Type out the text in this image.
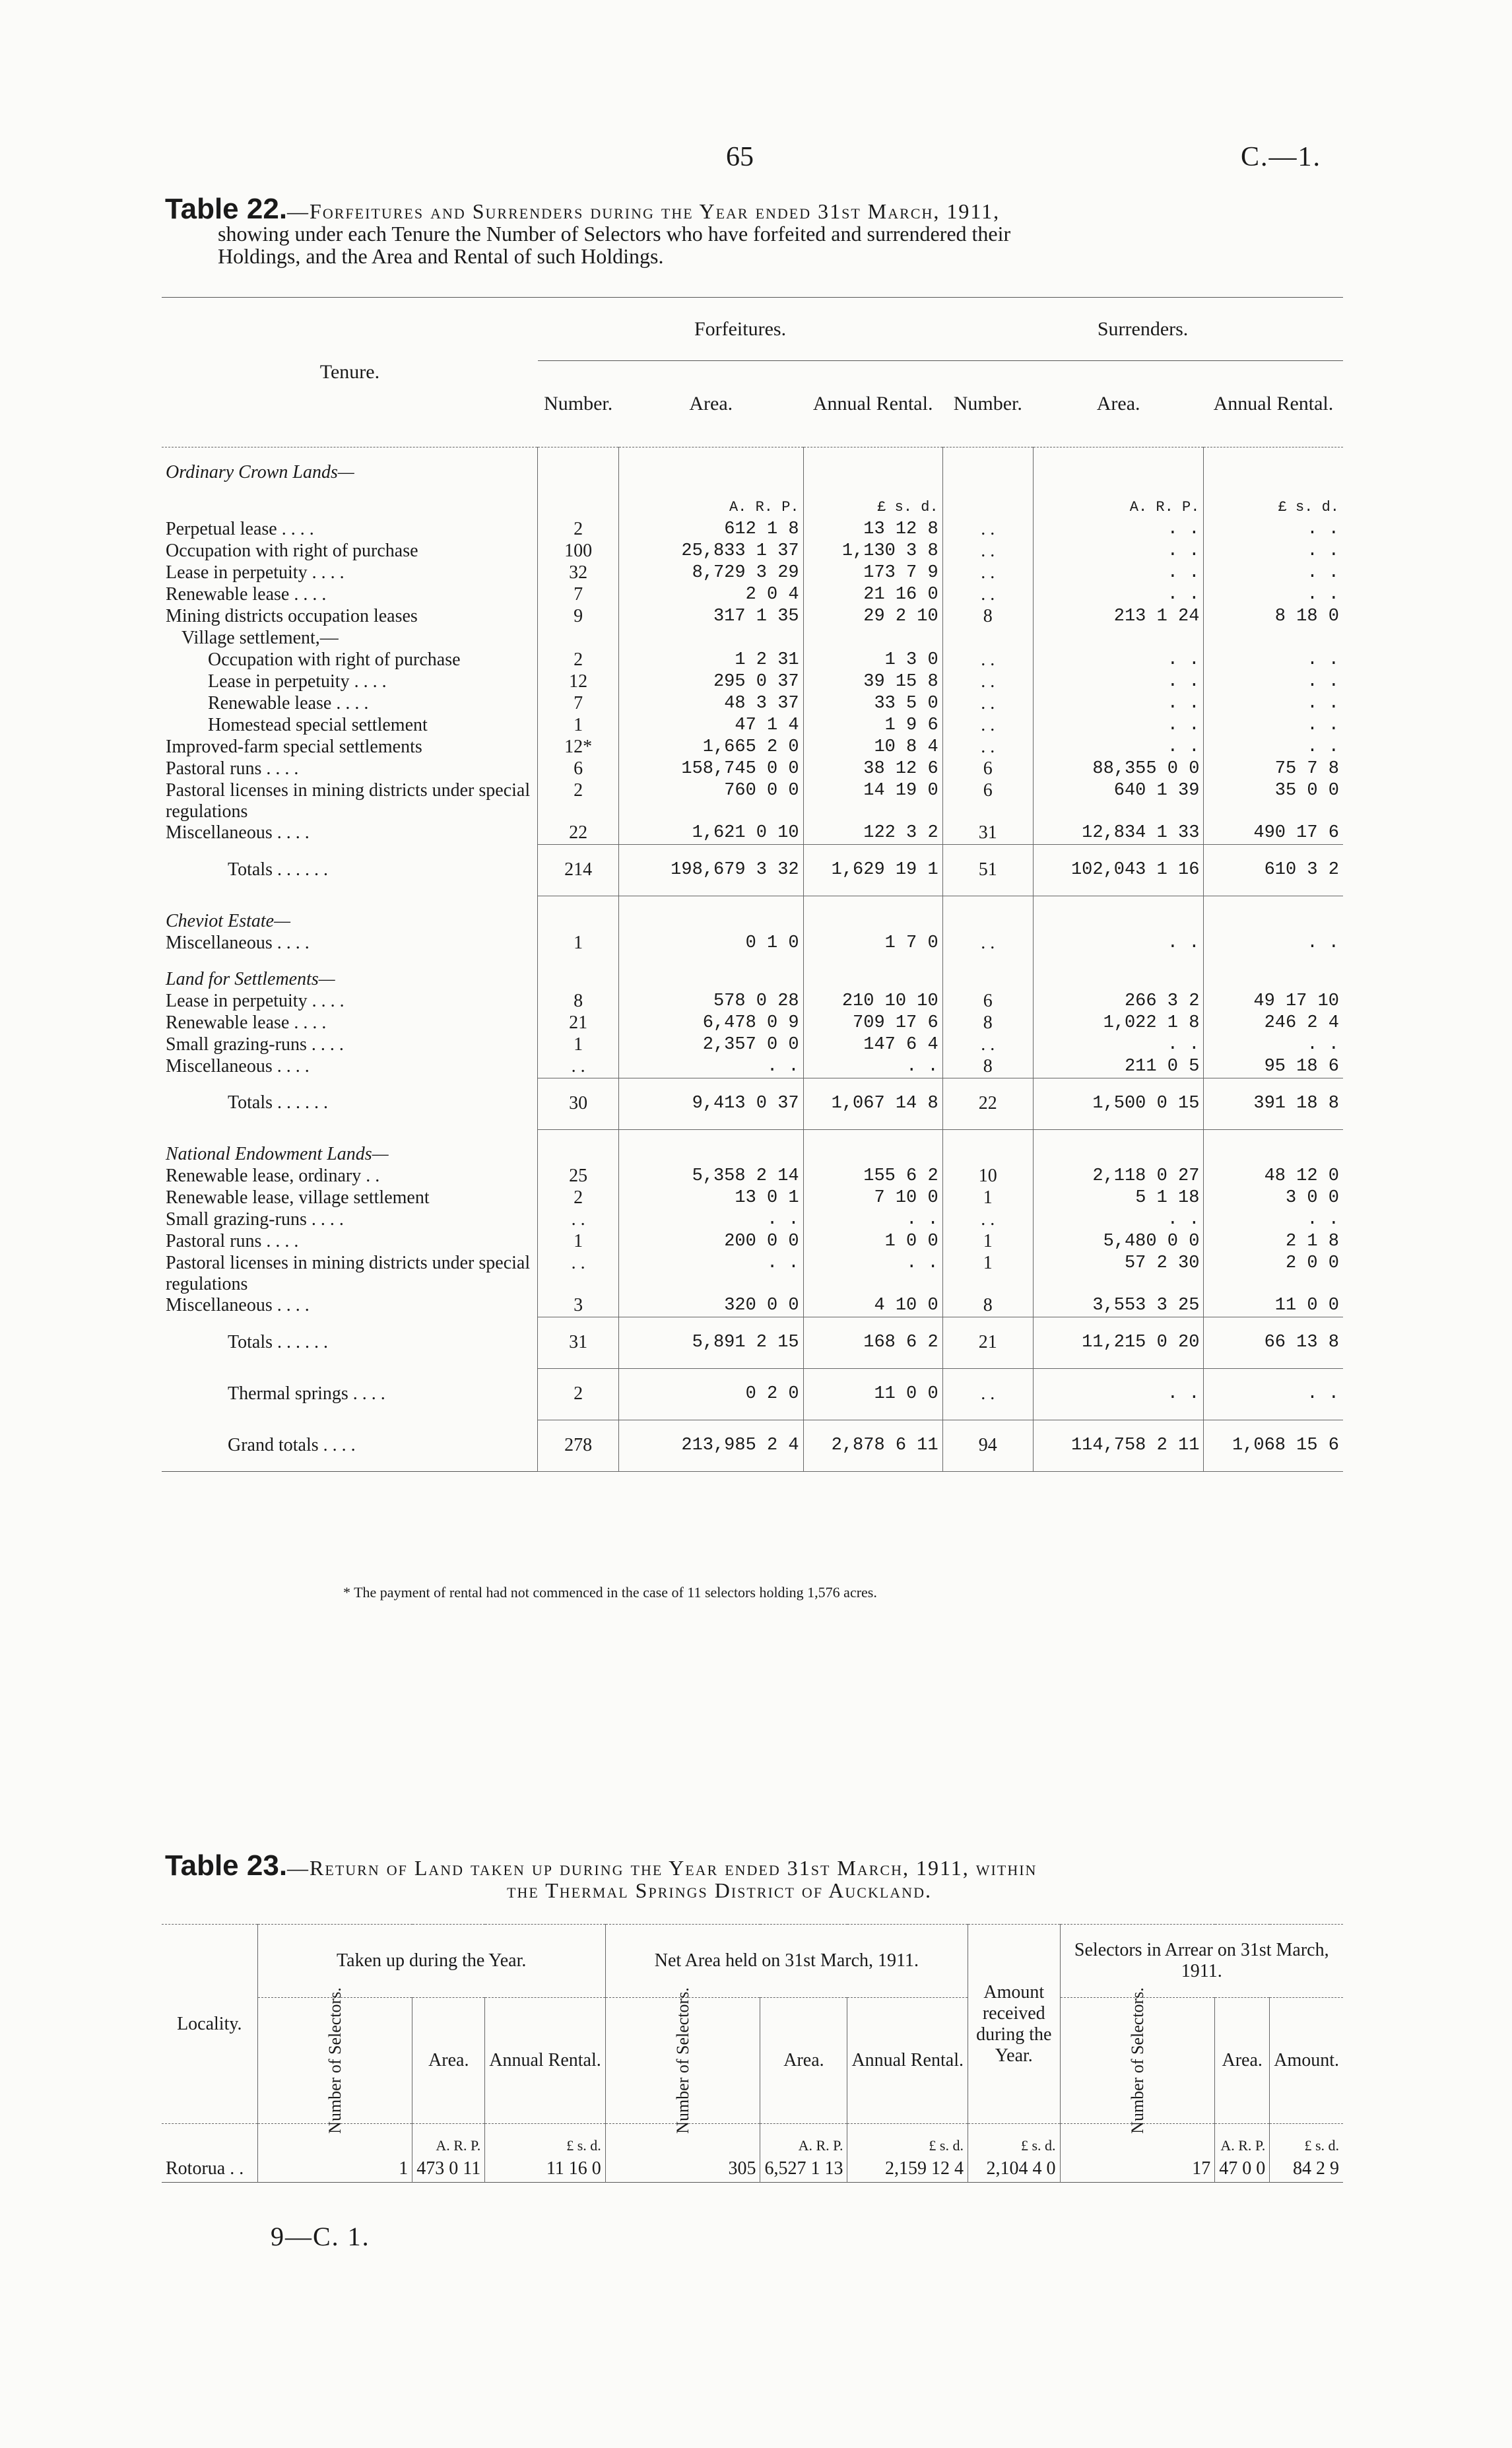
65	C.—1.
Table 22.—Forfeitures and Surrenders during the Year ended 31st March, 1911,
showing under each Tenure the Number of Selectors who have forfeited and surrendered their
Holdings, and the Area and Rental of such Holdings.
Tenure.	Forfeitures.			Surrenders.		
	Number.	Area.	Annual Rental.	Number.	Area.	Annual Rental.
Ordinary Crown Lands—						
		A. R. P.	£ s. d.		A. R. P.	£ s. d.
Perpetual lease . . . .	2	612 1 8	13 12 8	. .	. .	. .
Occupation with right of purchase	100	25,833 1 37	1,130 3 8	. .	. .	. .
Lease in perpetuity . . . .	32	8,729 3 29	173 7 9	. .	. .	. .
Renewable lease . . . .	7	2 0 4	21 16 0	. .	. .	. .
Mining districts occupation leases	9	317 1 35	29 2 10	8	213 1 24	8 18 0
Village settlement,—						
Occupation with right of purchase	2	1 2 31	1 3 0	. .	. .	. .
Lease in perpetuity . . . .	12	295 0 37	39 15 8	. .	. .	. .
Renewable lease . . . .	7	48 3 37	33 5 0	. .	. .	. .
Homestead special settlement	1	47 1 4	1 9 6	. .	. .	. .
Improved-farm special settlements	12*	1,665 2 0	10 8 4	. .	. .	. .
Pastoral runs . . . .	6	158,745 0 0	38 12 6	6	88,355 0 0	75 7 8
Pastoral licenses in mining districts under special regulations	2	760 0 0	14 19 0	6	640 1 39	35 0 0
Miscellaneous . . . .	22	1,621 0 10	122 3 2	31	12,834 1 33	490 17 6
Totals . . . . . .	214	198,679 3 32	1,629 19 1	51	102,043 1 16	610 3 2
Cheviot Estate—						
Miscellaneous . . . .	1	0 1 0	1 7 0	. .	. .	. .
Land for Settlements—						
Lease in perpetuity . . . .	8	578 0 28	210 10 10	6	266 3 2	49 17 10
Renewable lease . . . .	21	6,478 0 9	709 17 6	8	1,022 1 8	246 2 4
Small grazing-runs . . . .	1	2,357 0 0	147 6 4	. .	. .	. .
Miscellaneous . . . .	. .	. .	. .	8	211 0 5	95 18 6
Totals . . . . . .	30	9,413 0 37	1,067 14 8	22	1,500 0 15	391 18 8
National Endowment Lands—						
Renewable lease, ordinary . .	25	5,358 2 14	155 6 2	10	2,118 0 27	48 12 0
Renewable lease, village settlement	2	13 0 1	7 10 0	1	5 1 18	3 0 0
Small grazing-runs . . . .	. .	. .	. .	. .	. .	. .
Pastoral runs . . . .	1	200 0 0	1 0 0	1	5,480 0 0	2 1 8
Pastoral licenses in mining districts under special regulations	. .	. .	. .	1	57 2 30	2 0 0
Miscellaneous . . . .	3	320 0 0	4 10 0	8	3,553 3 25	11 0 0
Totals . . . . . .	31	5,891 2 15	168 6 2	21	11,215 0 20	66 13 8
Thermal springs . . . .	2	0 2 0	11 0 0	. .	. .	. .
Grand totals . . . .	278	213,985 2 4	2,878 6 11	94	114,758 2 11	1,068 15 6
* The payment of rental had not commenced in the case of 11 selectors holding 1,576 acres.
Table 23.—Return of Land taken up during the Year ended 31st March, 1911, within
the Thermal Springs District of Auckland.
Locality.	Taken up during the Year.			Net Area held on 31st March, 1911.			Amount received during the Year.	Selectors in Arrear on 31st March, 1911.		
	Number of Selectors.	Area.	Annual Rental.	Number of Selectors.	Area.	Annual Rental.		Number of Selectors.	Area.	Amount.
		A. R. P.	£ s. d.		A. R. P.	£ s. d.	£ s. d.		A. R. P.	£ s. d.
Rotorua . .	1	473 0 11	11 16 0	305	6,527 1 13	2,159 12 4	2,104 4 0	17	47 0 0	84 2 9
9—C. 1.
